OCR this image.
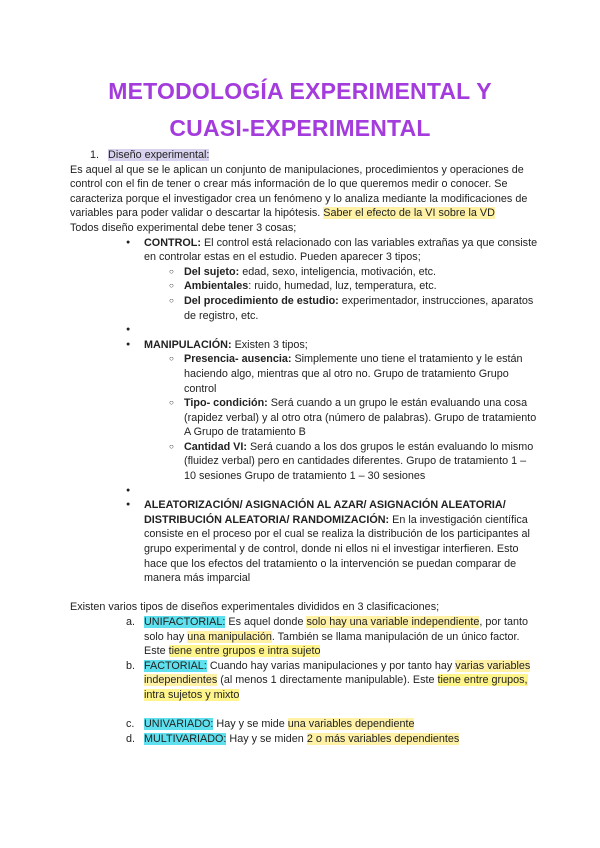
METODOLOGÍA EXPERIMENTAL Y
CUASI-EXPERIMENTAL

1. Diseño experimental:

Es aquel al que se le aplican un conjunto de manipulaciones, procedimientos y operaciones de control con el fin de tener o crear más información de lo que queremos medir o conocer. Se caracteriza porque el investigador crea un fenómeno y lo analiza mediante la modificaciones de variables para poder validar o descartar la hipótesis. Saber el efecto de la VI sobre la VD

Todos diseño experimental debe tener 3 cosas;

● CONTROL: El control está relacionado con las variables extrañas ya que consiste en controlar estas en el estudio. Pueden aparecer 3 tipos;
○ Del sujeto: edad, sexo, inteligencia, motivación, etc.
○ Ambientales: ruido, humedad, luz, temperatura, etc.
○ Del procedimiento de estudio: experimentador, instrucciones, aparatos de registro, etc.
●
● MANIPULACIÓN: Existen 3 tipos;
○ Presencia- ausencia: Simplemente uno tiene el tratamiento y le están haciendo algo, mientras que al otro no. Grupo de tratamiento Grupo control
○ Tipo- condición: Será cuando a un grupo le están evaluando una cosa (rapidez verbal) y al otro otra (número de palabras). Grupo de tratamiento A Grupo de tratamiento B
○ Cantidad VI: Será cuando a los dos grupos le están evaluando lo mismo (fluidez verbal) pero en cantidades diferentes. Grupo de tratamiento 1 – 10 sesiones Grupo de tratamiento 1 – 30 sesiones
●
● ALEATORIZACIÓN/ ASIGNACIÓN AL AZAR/ ASIGNACIÓN ALEATORIA/ DISTRIBUCIÓN ALEATORIA/ RANDOMIZACIÓN: En la investigación científica consiste en el proceso por el cual se realiza la distribución de los participantes al grupo experimental y de control, donde ni ellos ni el investigar interfieren. Esto hace que los efectos del tratamiento o la intervención se puedan comparar de manera más imparcial

Existen varios tipos de diseños experimentales divididos en 3 clasificaciones;

a. UNIFACTORIAL: Es aquel donde solo hay una variable independiente, por tanto solo hay una manipulación. También se llama manipulación de un único factor. Este tiene entre grupos e intra sujeto
b. FACTORIAL: Cuando hay varias manipulaciones y por tanto hay varias variables independientes (al menos 1 directamente manipulable). Este tiene entre grupos, intra sujetos y mixto
c. UNIVARIADO: Hay y se mide una variables dependiente
d. MULTIVARIADO: Hay y se miden 2 o más variables dependientes
